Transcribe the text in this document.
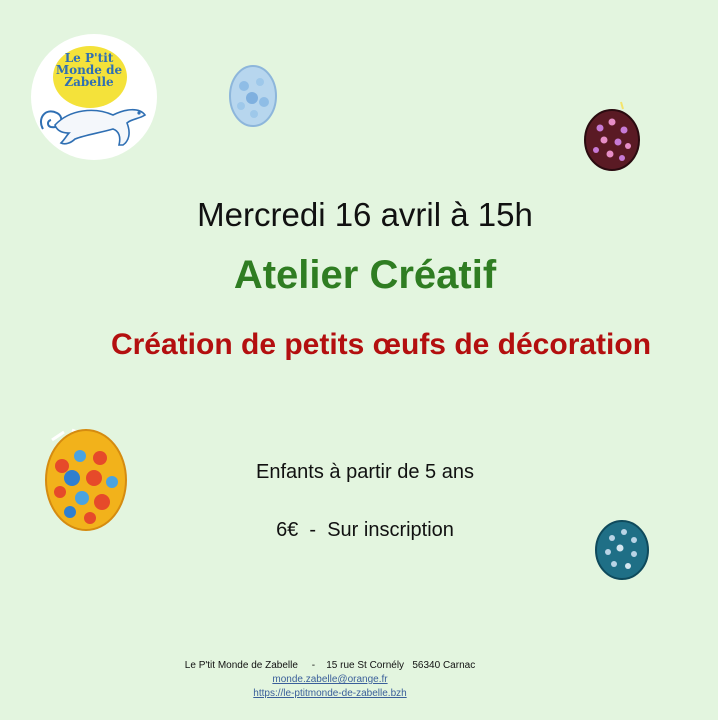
Le P'tit
Monde de
Zabelle
Mercredi 16 avril à 15h
Atelier Créatif
Création de petits œufs de décoration
Enfants à partir de 5 ans
6€  -  Sur inscription
Le P'tit Monde de Zabelle     -    15 rue St Cornély   56340 Carnac
monde.zabelle@orange.fr
https://le-ptitmonde-de-zabelle.bzh
